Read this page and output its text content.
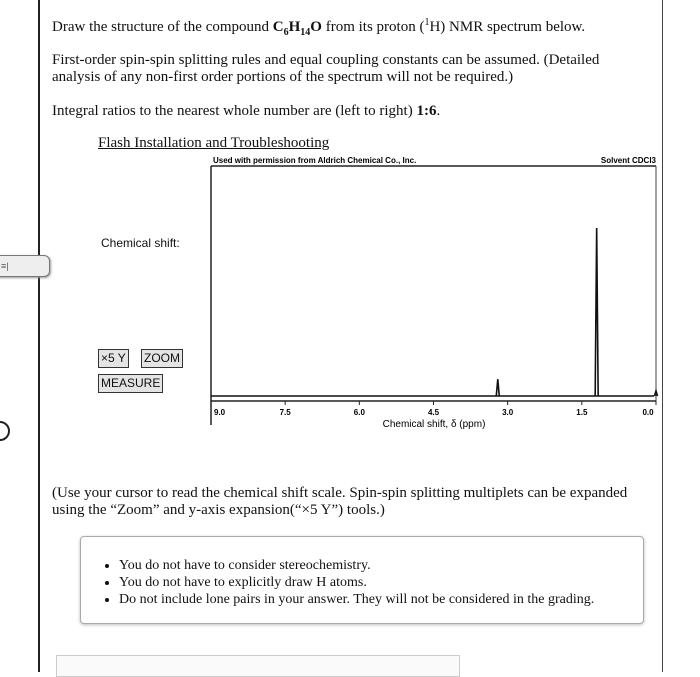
Draw the structure of the compound $C_6H_{14}O$ from its proton ($^1$H) NMR spectrum below.
First-order spin-spin splitting rules and equal coupling constants can be assumed. (Detailed
analysis of any non-first order portions of the spectrum will not be required.)
Integral ratios to the nearest whole number are (left to right) 1:6.
Flash Installation and Troubleshooting
≡|
Chemical shift:
×5 Y ZOOM
MEASURE
Used with permission from Aldrich Chemical Co., Inc.	Solvent CDCl3
9.0	7.5	6.0	4.5	3.0	1.5	0.0
Chemical shift, δ (ppm)
(Use your cursor to read the chemical shift scale. Spin-spin splitting multiplets can be expanded
using the “Zoom” and y-axis expansion(“×5 Y”) tools.)
• You do not have to consider stereochemistry.
• You do not have to explicitly draw H atoms.
• Do not include lone pairs in your answer. They will not be considered in the grading.
